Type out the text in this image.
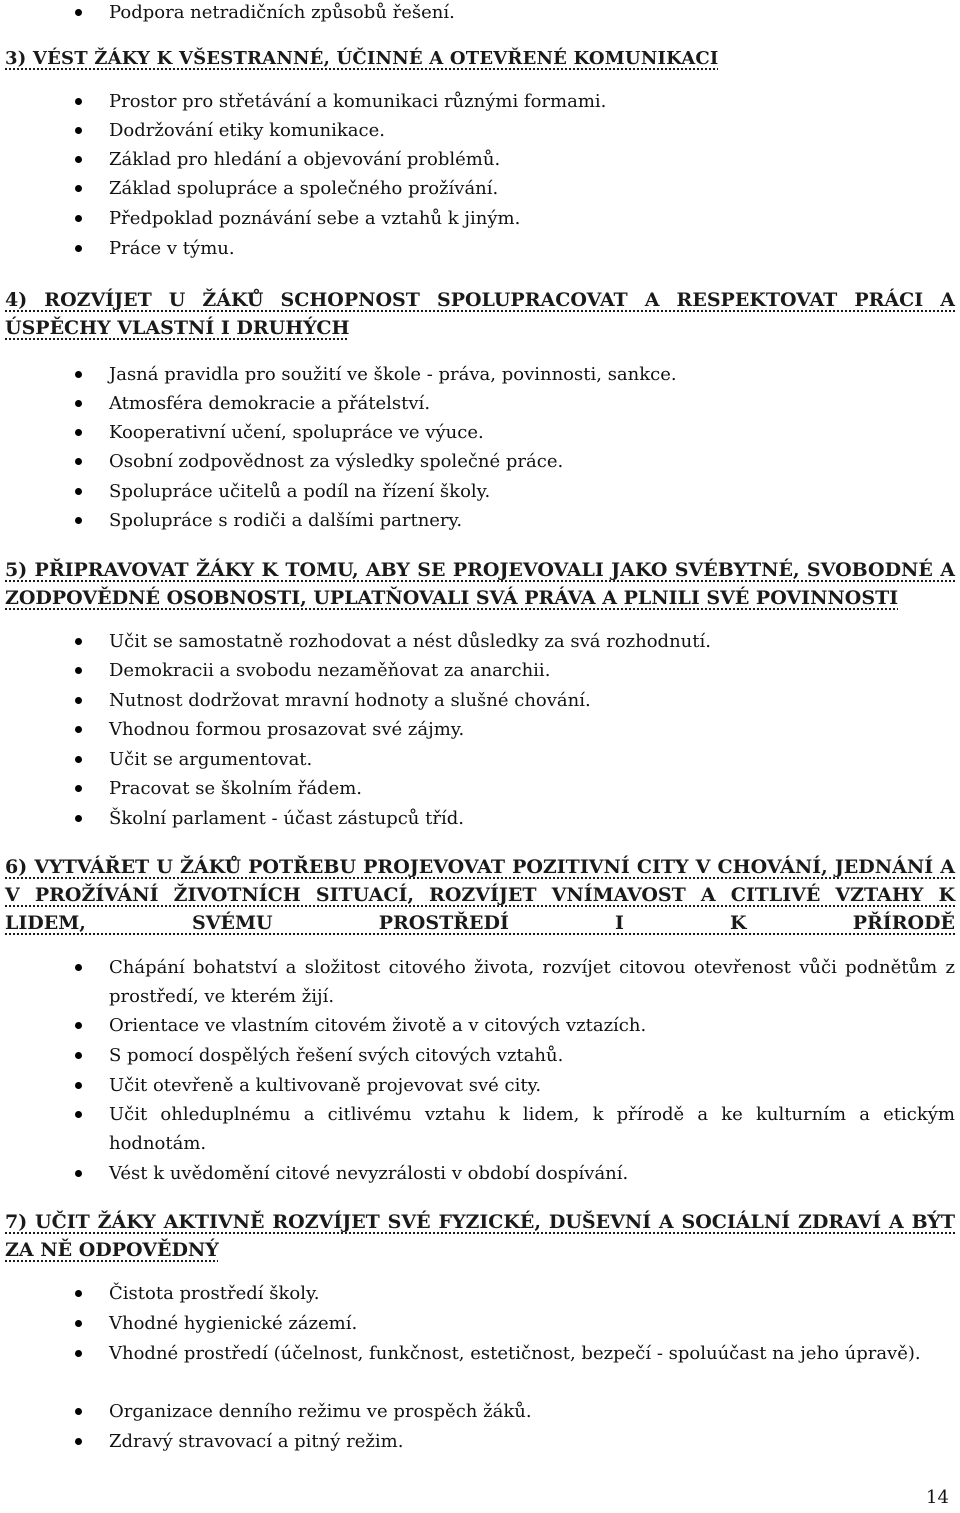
Podpora netradičních způsobů řešení.
3) VÉST ŽÁKY K VŠESTRANNÉ, ÚČINNÉ A OTEVŘENÉ KOMUNIKACI
Prostor pro střetávání a komunikaci různými formami.
Dodržování etiky komunikace.
Základ pro hledání a objevování problémů.
Základ spolupráce a společného prožívání.
Předpoklad poznávání sebe a vztahů k jiným.
Práce v týmu.
4) ROZVÍJET U ŽÁKŮ SCHOPNOST SPOLUPRACOVAT A RESPEKTOVAT PRÁCI A ÚSPĚCHY VLASTNÍ I DRUHÝCH
Jasná pravidla pro soužití ve škole - práva, povinnosti, sankce.
Atmosféra demokracie a přátelství.
Kooperativní učení, spolupráce ve výuce.
Osobní zodpovědnost za výsledky společné práce.
Spolupráce učitelů a podíl na řízení školy.
Spolupráce s rodiči a dalšími partnery.
5) PŘIPRAVOVAT ŽÁKY K TOMU, ABY SE PROJEVOVALI JAKO SVÉBYTNÉ, SVOBODNÉ A ZODPOVĚDNÉ OSOBNOSTI, UPLATŇOVALI SVÁ PRÁVA A PLNILI SVÉ POVINNOSTI
Učit se samostatně rozhodovat a nést důsledky za svá rozhodnutí.
Demokracii a svobodu nezaměňovat za anarchii.
Nutnost dodržovat mravní hodnoty a slušné chování.
Vhodnou formou prosazovat své zájmy.
Učit se argumentovat.
Pracovat se školním řádem.
Školní parlament - účast zástupců tříd.
6) VYTVÁŘET U ŽÁKŮ POTŘEBU PROJEVOVAT POZITIVNÍ CITY V CHOVÁNÍ, JEDNÁNÍ A V PROŽÍVÁNÍ ŽIVOTNÍCH SITUACÍ, ROZVÍJET VNÍMAVOST A CITLIVÉ VZTAHY K LIDEM, SVÉMU PROSTŘEDÍ I K PŘÍRODĚ
Chápání bohatství a složitost citového života, rozvíjet citovou otevřenost vůči podnětům z prostředí, ve kterém žijí.
Orientace ve vlastním citovém životě a v citových vztazích.
S pomocí dospělých řešení svých citových vztahů.
Učit otevřeně a kultivovaně projevovat své city.
Učit ohleduplnému a citlivému vztahu k lidem, k přírodě a ke kulturním a etickým hodnotám.
Vést k uvědomění citové nevyzrálosti v období dospívání.
7) UČIT ŽÁKY AKTIVNĚ ROZVÍJET SVÉ FYZICKÉ, DUŠEVNÍ A SOCIÁLNÍ ZDRAVÍ A BÝT ZA NĚ ODPOVĚDNÝ
Čistota prostředí školy.
Vhodné hygienické zázemí.
Vhodné prostředí (účelnost, funkčnost, estetičnost, bezpečí - spoluúčast na jeho úpravě).
Organizace denního režimu ve prospěch žáků.
Zdravý stravovací a pitný režim.
14
